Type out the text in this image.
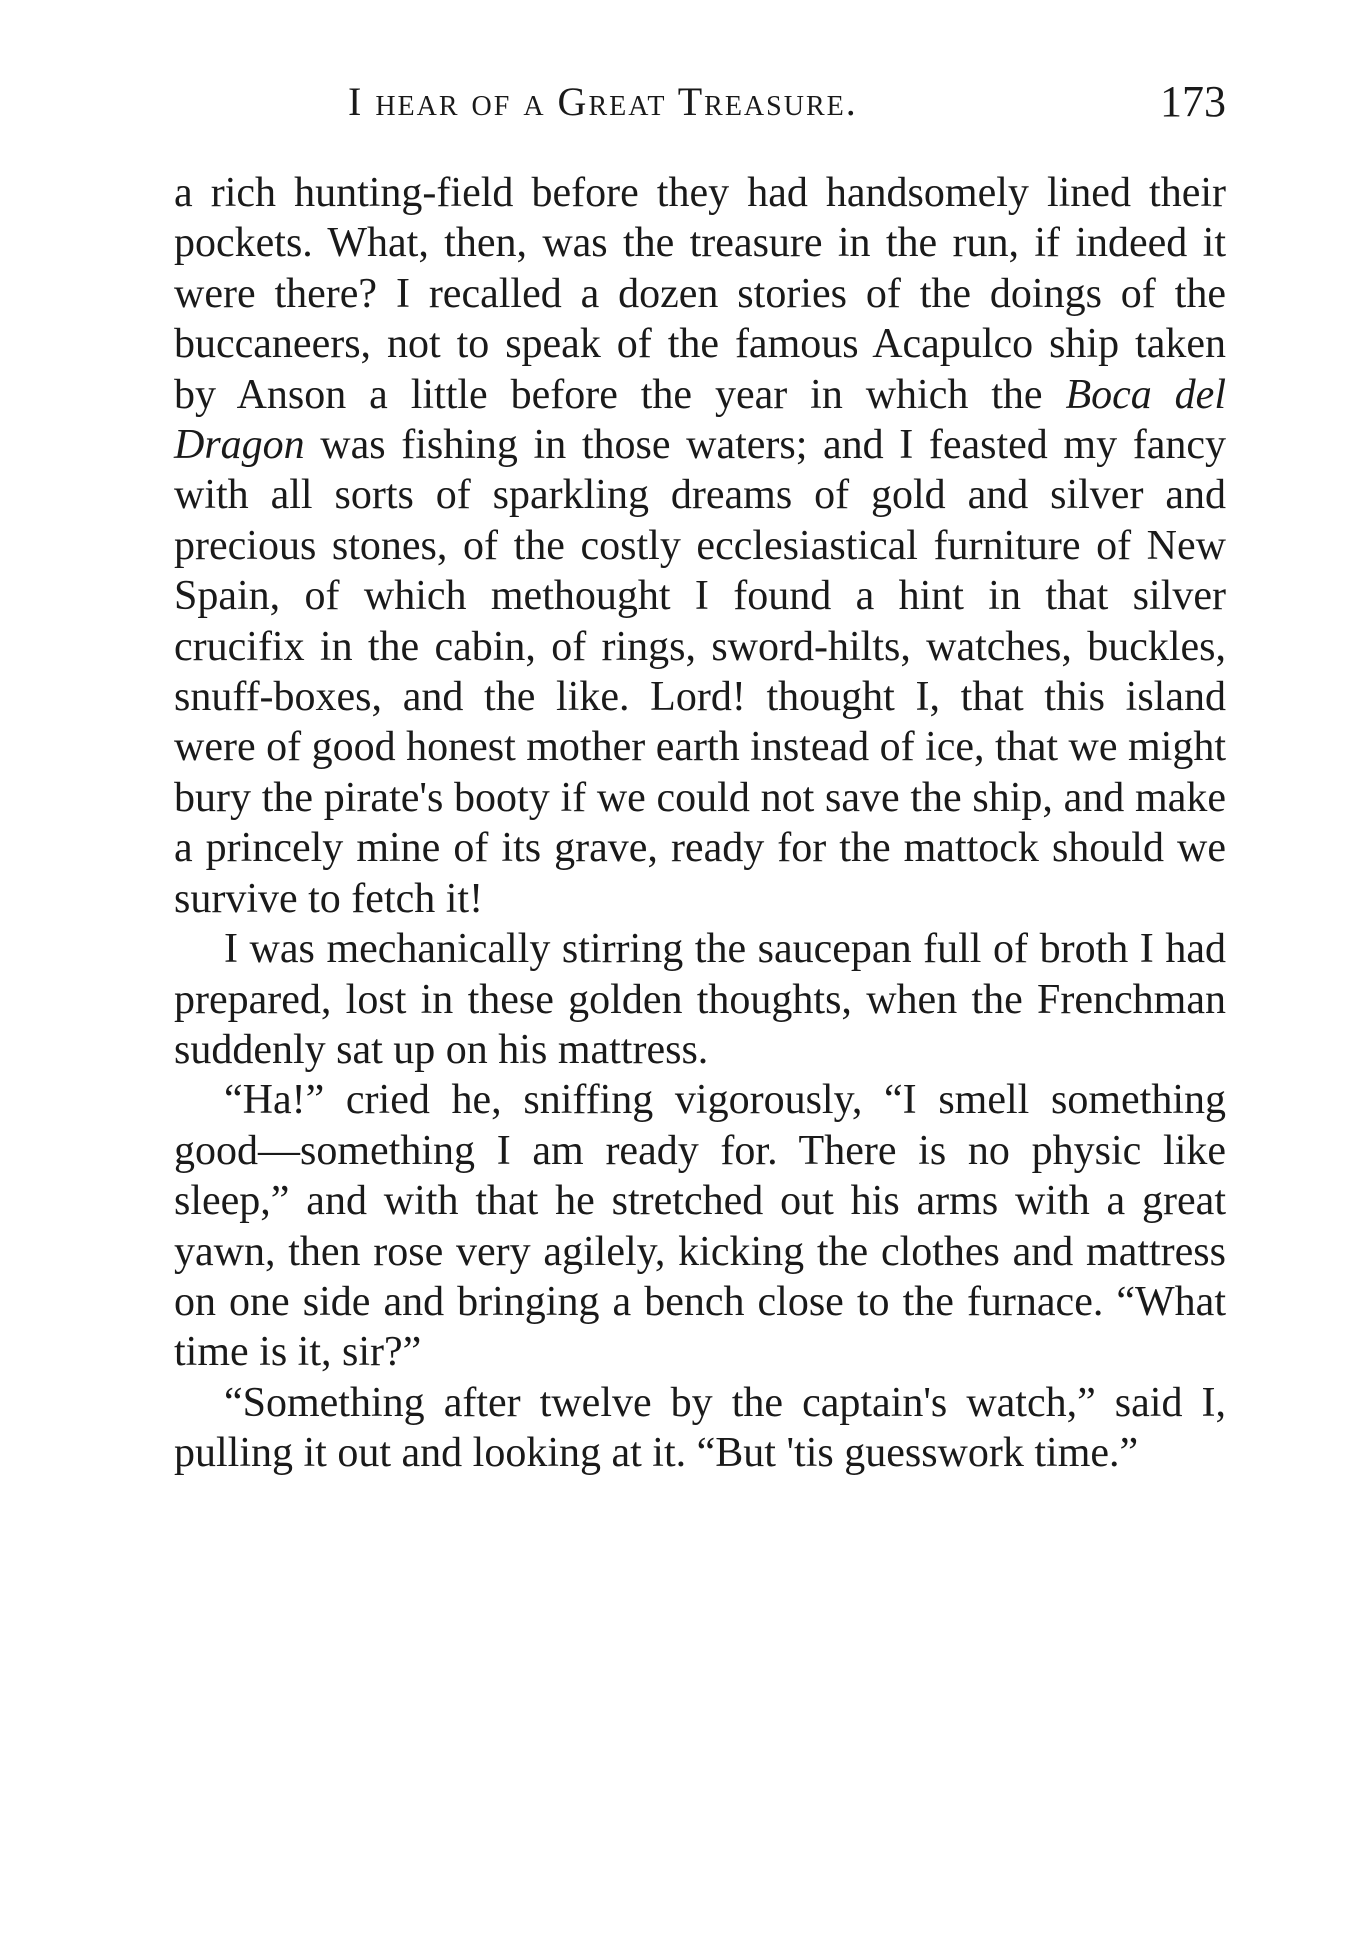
I hear of a Great Treasure.	173

a rich hunting-field before they had handsomely lined their pockets. What, then, was the treasure in the run, if indeed it were there? I recalled a dozen stories of the doings of the buccaneers, not to speak of the famous Acapulco ship taken by Anson a little before the year in which the Boca del Dragon was fishing in those waters; and I feasted my fancy with all sorts of sparkling dreams of gold and silver and precious stones, of the costly ecclesiastical furniture of New Spain, of which methought I found a hint in that silver crucifix in the cabin, of rings, sword-hilts, watches, buckles, snuff-boxes, and the like. Lord! thought I, that this island were of good honest mother earth instead of ice, that we might bury the pirate's booty if we could not save the ship, and make a princely mine of its grave, ready for the mattock should we survive to fetch it!

I was mechanically stirring the saucepan full of broth I had prepared, lost in these golden thoughts, when the Frenchman suddenly sat up on his mattress.

“Ha!” cried he, sniffing vigorously, “I smell something good—something I am ready for. There is no physic like sleep,” and with that he stretched out his arms with a great yawn, then rose very agilely, kicking the clothes and mattress on one side and bringing a bench close to the furnace. “What time is it, sir?”

“Something after twelve by the captain's watch,” said I, pulling it out and looking at it. “But 'tis guesswork time.”
